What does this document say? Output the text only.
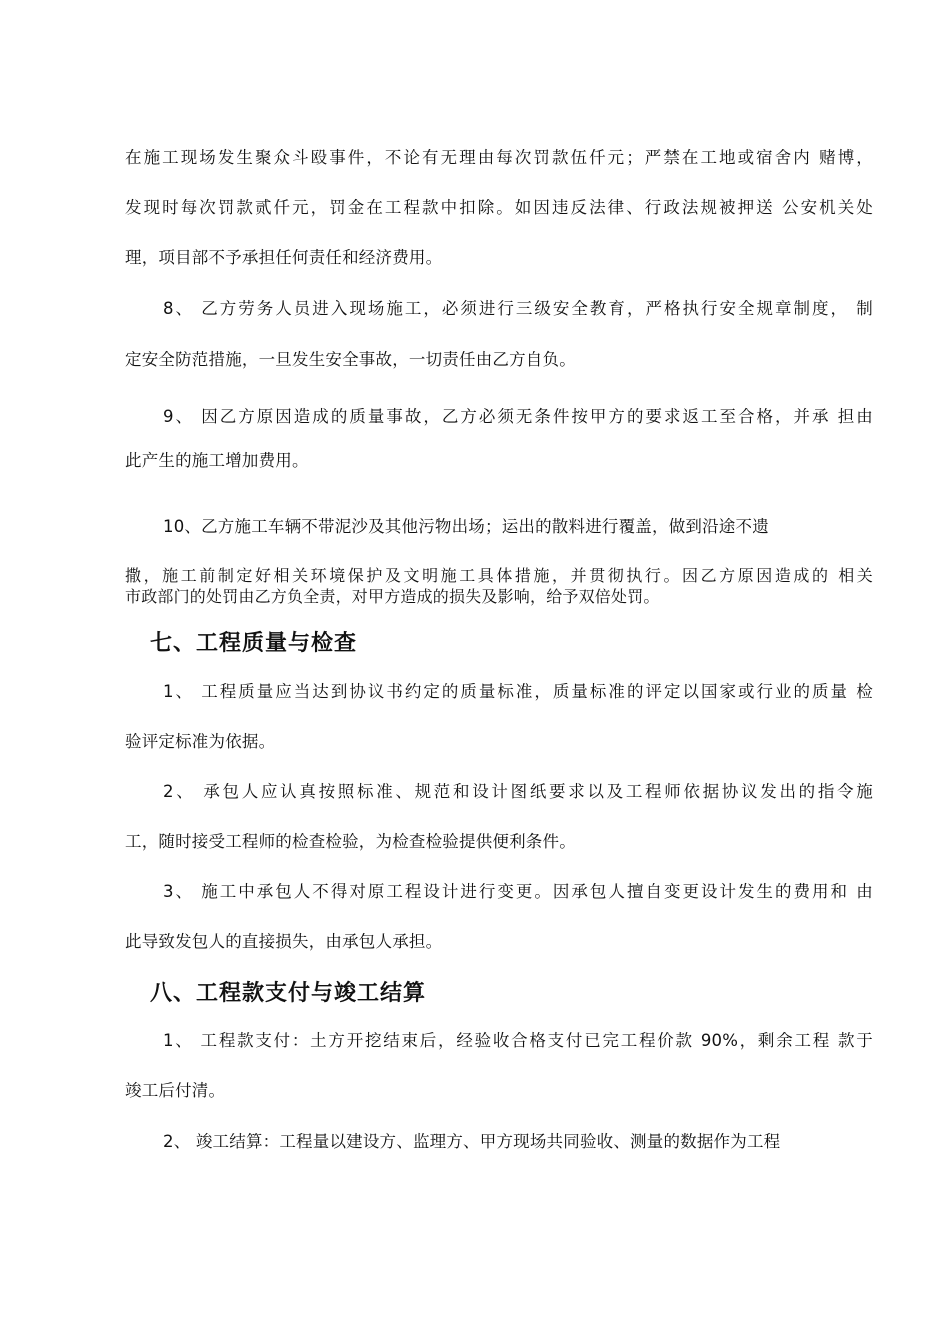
在施工现场发生聚众斗殴事件，不论有无理由每次罚款伍仟元；严禁在工地或宿舍内 赌博，
发现时每次罚款贰仟元，罚金在工程款中扣除。如因违反法律、行政法规被押送 公安机关处
理，项目部不予承担任何责任和经济费用。
8、 乙方劳务人员进入现场施工，必须进行三级安全教育，严格执行安全规章制度， 制
定安全防范措施，一旦发生安全事故，一切责任由乙方自负。
9、 因乙方原因造成的质量事故，乙方必须无条件按甲方的要求返工至合格，并承 担由
此产生的施工增加费用。
10、乙方施工车辆不带泥沙及其他污物出场；运出的散料进行覆盖，做到沿途不遗
撒，施工前制定好相关环境保护及文明施工具体措施，并贯彻执行。因乙方原因造成的 相关
市政部门的处罚由乙方负全责，对甲方造成的损失及影响，给予双倍处罚。
七、工程质量与检查
1、 工程质量应当达到协议书约定的质量标准，质量标准的评定以国家或行业的质量 检
验评定标准为依据。
2、 承包人应认真按照标准、规范和设计图纸要求以及工程师依据协议发出的指令施
工，随时接受工程师的检查检验，为检查检验提供便利条件。
3、 施工中承包人不得对原工程设计进行变更。因承包人擅自变更设计发生的费用和 由
此导致发包人的直接损失，由承包人承担。
八、工程款支付与竣工结算
1、 工程款支付：土方开挖结束后，经验收合格支付已完工程价款 90%，剩余工程 款于
竣工后付清。
2、 竣工结算：工程量以建设方、监理方、甲方现场共同验收、测量的数据作为工程
